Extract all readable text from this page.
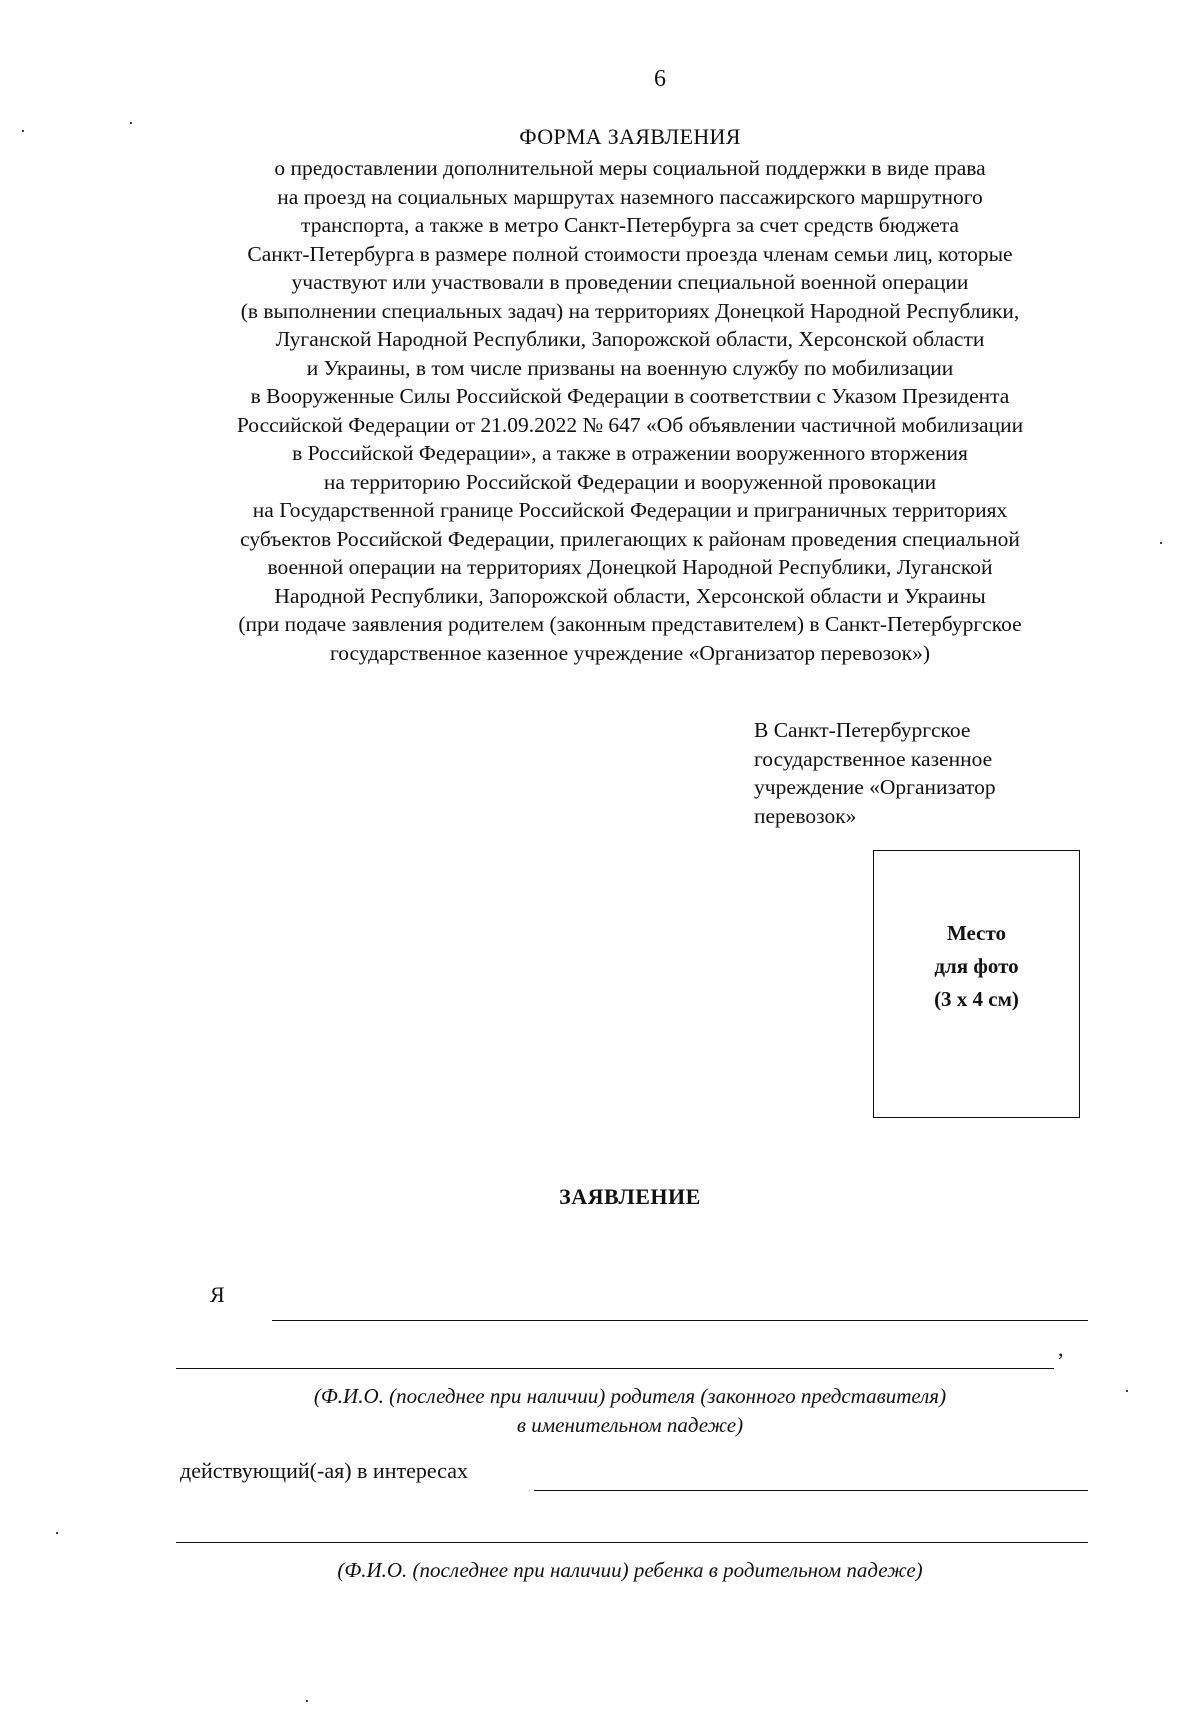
6
ФОРМА ЗАЯВЛЕНИЯ
о предоставлении дополнительной меры социальной поддержки в виде права
на проезд на социальных маршрутах наземного пассажирского маршрутного
транспорта, а также в метро Санкт-Петербурга за счет средств бюджета
Санкт-Петербурга в размере полной стоимости проезда членам семьи лиц, которые
участвуют или участвовали в проведении специальной военной операции
(в выполнении специальных задач) на территориях Донецкой Народной Республики,
Луганской Народной Республики, Запорожской области, Херсонской области
и Украины, в том числе призваны на военную службу по мобилизации
в Вооруженные Силы Российской Федерации в соответствии с Указом Президента
Российской Федерации от 21.09.2022 № 647 «Об объявлении частичной мобилизации
в Российской Федерации», а также в отражении вооруженного вторжения
на территорию Российской Федерации и вооруженной провокации
на Государственной границе Российской Федерации и приграничных территориях
субъектов Российской Федерации, прилегающих к районам проведения специальной
военной операции на территориях Донецкой Народной Республики, Луганской
Народной Республики, Запорожской области, Херсонской области и Украины
(при подаче заявления родителем (законным представителем) в Санкт-Петербургское
государственное казенное учреждение «Организатор перевозок»)
В Санкт-Петербургское
государственное казенное
учреждение «Организатор
перевозок»
Место
для фото
(3 х 4 см)
ЗАЯВЛЕНИЕ
Я
,
(Ф.И.О. (последнее при наличии) родителя (законного представителя)
в именительном падеже)
действующий(-ая) в интересах
(Ф.И.О. (последнее при наличии) ребенка в родительном падеже)
